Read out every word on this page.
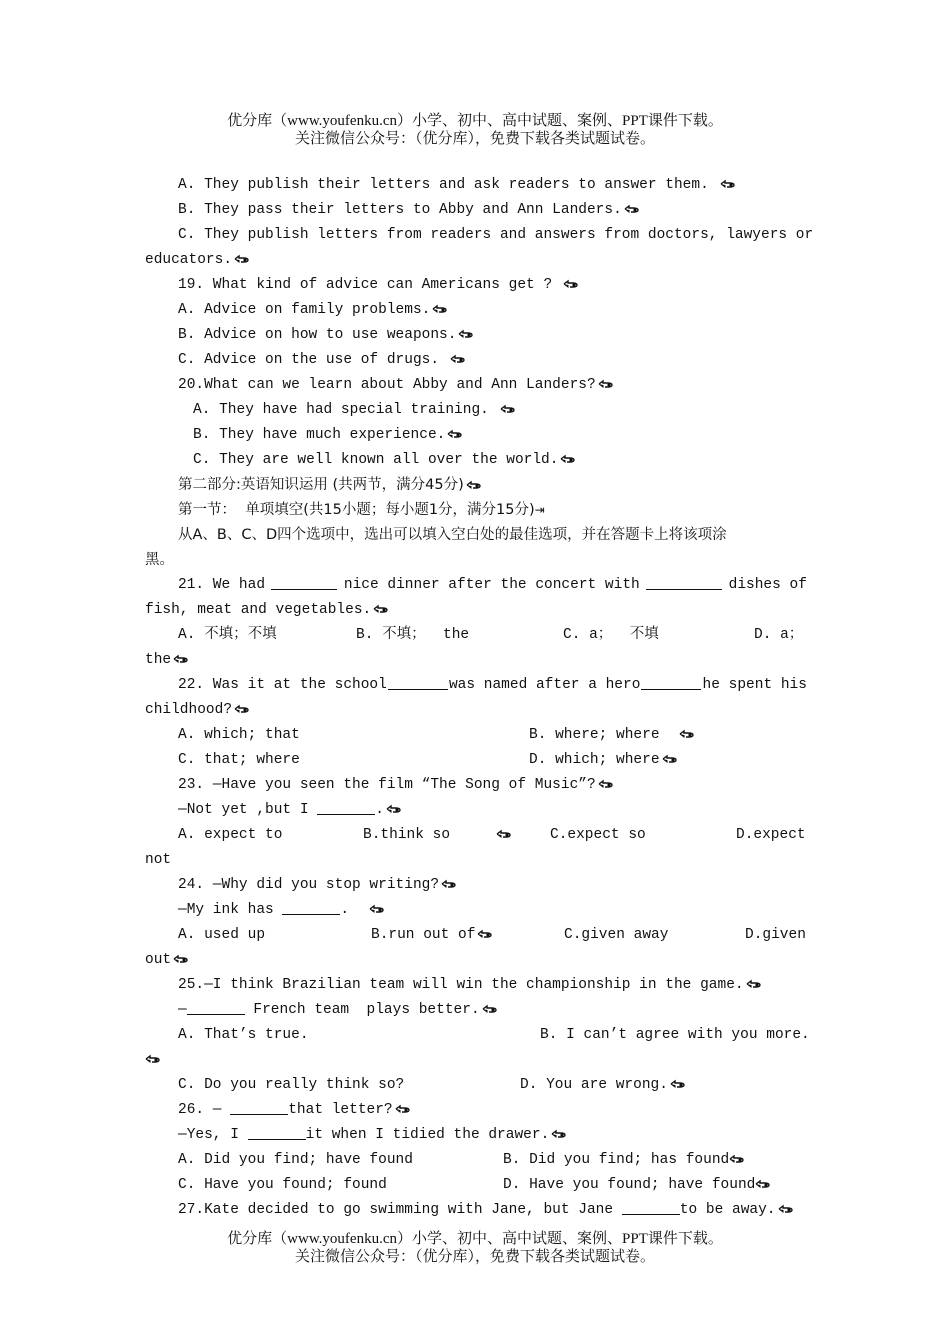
优分库（www.youfenku.cn）小学、初中、高中试题、案例、PPT课件下载。
关注微信公众号：（优分库），免费下载各类试题试卷。
A. They publish their letters and ask readers to answer them.
B. They pass their letters to Abby and Ann Landers.
C. They publish letters from readers and answers from doctors, lawyers or
educators.
19. What kind of advice can Americans get ?
A. Advice on family problems.
B. Advice on how to use weapons.
C. Advice on the use of drugs.
20.What can we learn about Abby and Ann Landers?
A. They have had special training.
B. They have much experience.
C. They are well known all over the world.
第二部分:英语知识运用 (共两节，满分45分)
第一节：  单项填空(共15小题；每小题1分，满分15分)⇥
从A、B、C、D四个选项中，选出可以填入空白处的最佳选项，并在答题卡上将该项涂
黑。
21. We had	nice dinner after the concert with	dishes of
fish, meat and vegetables.

A. 不填；不填

	B. 不填；  the

	C. a；  不填

	D. a；

the
22. Was it at the school	was named after a hero	he spent his
childhood?

A. which; that

	B. where; where

C. that; where

	D. which; where

23. —Have you seen the film “The Song of Music”?
—Not yet ,but I	.

A. expect to

	B.think so

	C.expect so

	D.expect

not
24. —Why did you stop writing?
—My ink has	.

A. used up

	B.run out of

	C.given away

	D.given

out
25.—I think Brazilian team will win the championship in the game.
—	French team  plays better.

A. That’s true.

	B. I can’t agree with you more.

C. Do you really think so?

	D. You are wrong.

26. —	that letter?
—Yes, I	it when I tidied the drawer.

A. Did you find; have found

	B. Did you find; has found

C. Have you found; found

	D. Have you found; have found

27.Kate decided to go swimming with Jane, but Jane	to be away.
优分库（www.youfenku.cn）小学、初中、高中试题、案例、PPT课件下载。
关注微信公众号：（优分库），免费下载各类试题试卷。
